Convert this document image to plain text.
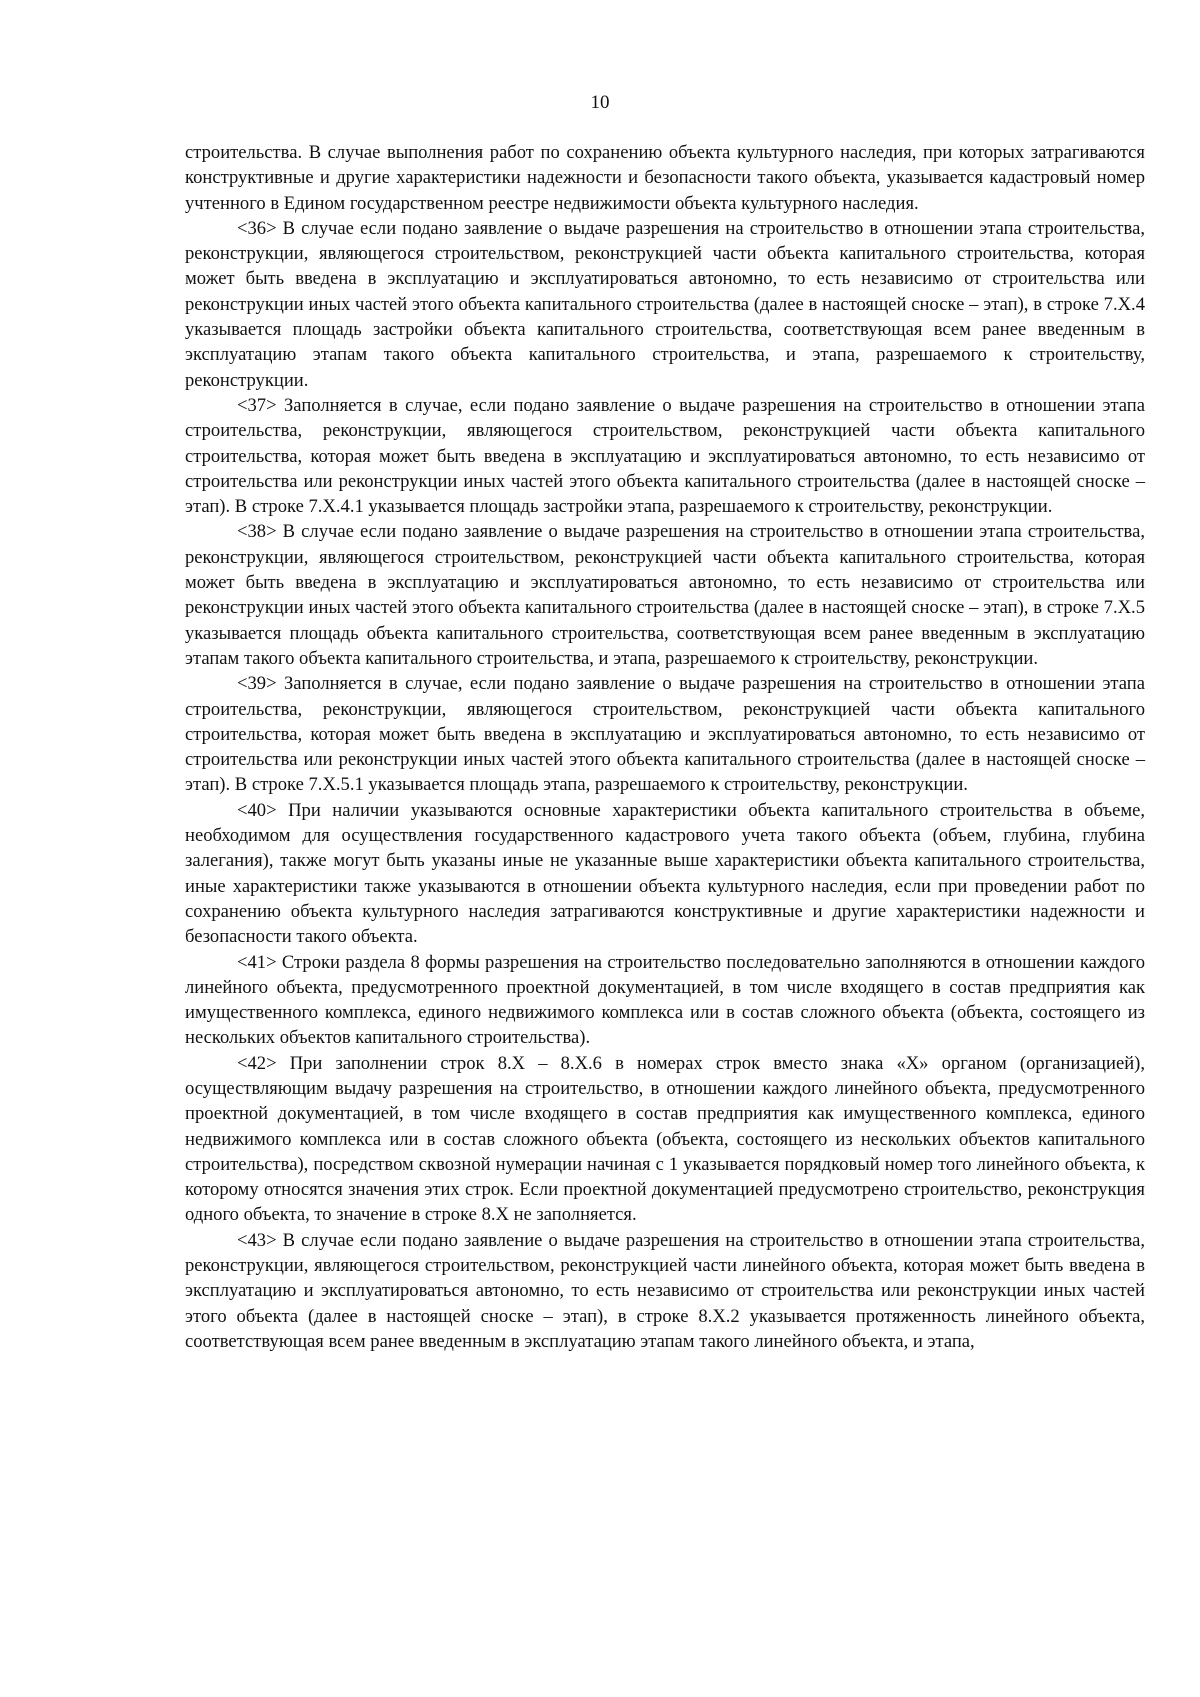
10

строительства. В случае выполнения работ по сохранению объекта культурного наследия, при которых затрагиваются конструктивные и другие характеристики надежности и безопасности такого объекта, указывается кадастровый номер учтенного в Едином государственном реестре недвижимости объекта культурного наследия.

<36> В случае если подано заявление о выдаче разрешения на строительство в отношении этапа строительства, реконструкции, являющегося строительством, реконструкцией части объекта капитального строительства, которая может быть введена в эксплуатацию и эксплуатироваться автономно, то есть независимо от строительства или реконструкции иных частей этого объекта капитального строительства (далее в настоящей сноске – этап), в строке 7.X.4 указывается площадь застройки объекта капитального строительства, соответствующая всем ранее введенным в эксплуатацию этапам такого объекта капитального строительства, и этапа, разрешаемого к строительству, реконструкции.

<37> Заполняется в случае, если подано заявление о выдаче разрешения на строительство в отношении этапа строительства, реконструкции, являющегося строительством, реконструкцией части объекта капитального строительства, которая может быть введена в эксплуатацию и эксплуатироваться автономно, то есть независимо от строительства или реконструкции иных частей этого объекта капитального строительства (далее в настоящей сноске – этап). В строке 7.X.4.1 указывается площадь застройки этапа, разрешаемого к строительству, реконструкции.

<38> В случае если подано заявление о выдаче разрешения на строительство в отношении этапа строительства, реконструкции, являющегося строительством, реконструкцией части объекта капитального строительства, которая может быть введена в эксплуатацию и эксплуатироваться автономно, то есть независимо от строительства или реконструкции иных частей этого объекта капитального строительства (далее в настоящей сноске – этап), в строке 7.X.5 указывается площадь объекта капитального строительства, соответствующая всем ранее введенным в эксплуатацию этапам такого объекта капитального строительства, и этапа, разрешаемого к строительству, реконструкции.

<39> Заполняется в случае, если подано заявление о выдаче разрешения на строительство в отношении этапа строительства, реконструкции, являющегося строительством, реконструкцией части объекта капитального строительства, которая может быть введена в эксплуатацию и эксплуатироваться автономно, то есть независимо от строительства или реконструкции иных частей этого объекта капитального строительства (далее в настоящей сноске – этап). В строке 7.X.5.1 указывается площадь этапа, разрешаемого к строительству, реконструкции.

<40> При наличии указываются основные характеристики объекта капитального строительства в объеме, необходимом для осуществления государственного кадастрового учета такого объекта (объем, глубина, глубина залегания), также могут быть указаны иные не указанные выше характеристики объекта капитального строительства, иные характеристики также указываются в отношении объекта культурного наследия, если при проведении работ по сохранению объекта культурного наследия затрагиваются конструктивные и другие характеристики надежности и безопасности такого объекта.

<41> Строки раздела 8 формы разрешения на строительство последовательно заполняются в отношении каждого линейного объекта, предусмотренного проектной документацией, в том числе входящего в состав предприятия как имущественного комплекса, единого недвижимого комплекса или в состав сложного объекта (объекта, состоящего из нескольких объектов капитального строительства).

<42> При заполнении строк 8.X – 8.X.6 в номерах строк вместо знака «X» органом (организацией), осуществляющим выдачу разрешения на строительство, в отношении каждого линейного объекта, предусмотренного проектной документацией, в том числе входящего в состав предприятия как имущественного комплекса, единого недвижимого комплекса или в состав сложного объекта (объекта, состоящего из нескольких объектов капитального строительства), посредством сквозной нумерации начиная с 1 указывается порядковый номер того линейного объекта, к которому относятся значения этих строк. Если проектной документацией предусмотрено строительство, реконструкция одного объекта, то значение в строке 8.X не заполняется.

<43> В случае если подано заявление о выдаче разрешения на строительство в отношении этапа строительства, реконструкции, являющегося строительством, реконструкцией части линейного объекта, которая может быть введена в эксплуатацию и эксплуатироваться автономно, то есть независимо от строительства или реконструкции иных частей этого объекта (далее в настоящей сноске – этап), в строке 8.X.2 указывается протяженность линейного объекта, соответствующая всем ранее введенным в эксплуатацию этапам такого линейного объекта, и этапа,
